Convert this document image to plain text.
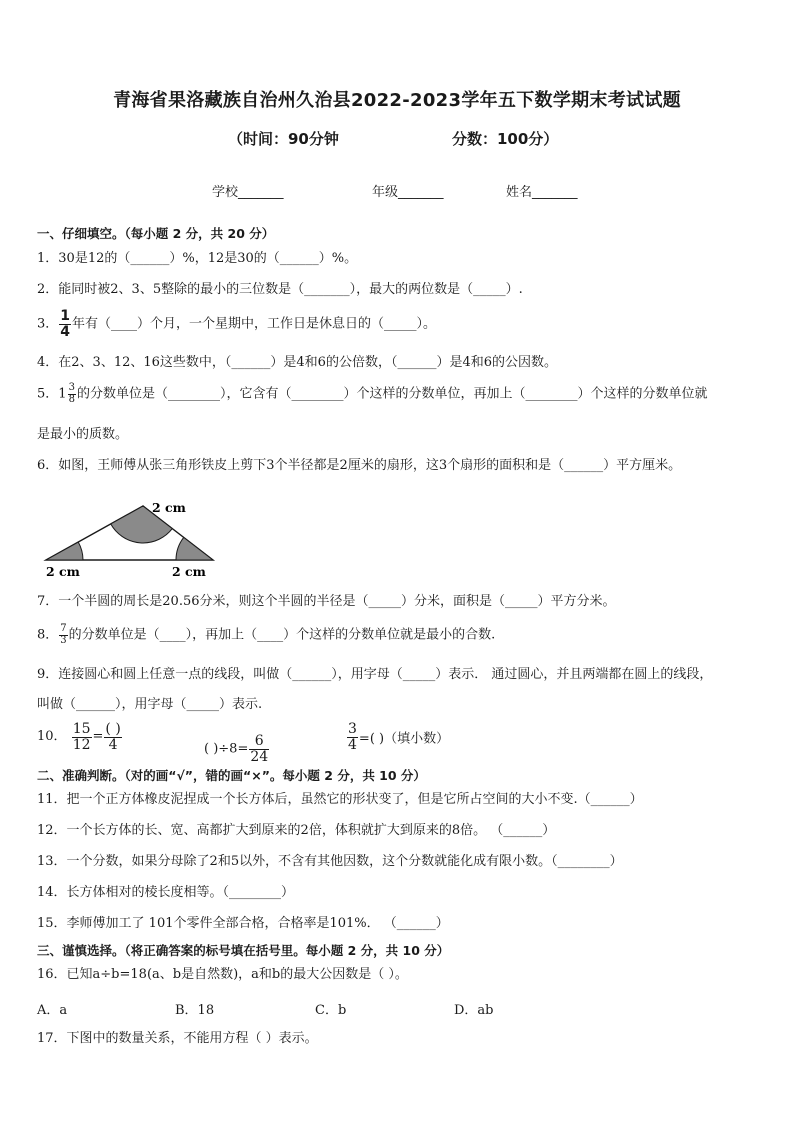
青海省果洛藏族自治州久治县2022-2023学年五下数学期末考试试题
（时间：90分钟	分数：100分）
学校_______	年级_______	姓名_______
一、仔细填空。（每小题 2 分，共 20 分）
1．30是12的（______）%，12是30的（______）%。
2．能同时被2、3、5整除的最小的三位数是（_______），最大的两位数是（_____）.
3． $\frac{1}{4}$ 年有（____）个月，一个星期中，工作日是休息日的（_____）。
4．在2、3、12、16这些数中，（______）是4和6的公倍数，（______）是4和6的公因数。
5．$1 \frac{3}{8}$ 的分数单位是（________），它含有（________）个这样的分数单位，再加上（________）个这样的分数单位就
是最小的质数。
6．如图，王师傅从张三角形铁皮上剪下3个半径都是2厘米的扇形，这3个扇形的面积和是（______）平方厘米。
2 cm
2 cm	2 cm
7．一个半圆的周长是20.56分米，则这个半圆的半径是（_____）分米，面积是（_____）平方分米。
8． $\frac{7}{3}$ 的分数单位是（____），再加上（____）个这样的分数单位就是最小的合数.
9．连接圆心和圆上任意一点的线段，叫做（______），用字母（_____）表示． 通过圆心，并且两端都在圆上的线段，
叫做（______），用字母（_____）表示.
10． $\frac{15}{12} = \frac{( )}{4}$	( )$\div 8= \frac{6}{24}$	$\frac{3}{4}$ =( )（填小数）
二、准确判断。（对的画“√”，错的画“×”。每小题 2 分，共 10 分）
11．把一个正方体橡皮泥捏成一个长方体后，虽然它的形状变了，但是它所占空间的大小不变.（______）
12．一个长方体的长、宽、高都扩大到原来的2倍，体积就扩大到原来的8倍。 （______）
13．一个分数，如果分母除了2和5以外，不含有其他因数，这个分数就能化成有限小数。（________）
14．长方体相对的棱长度相等。（________）
15．李师傅加工了 101个零件全部合格，合格率是101%． （______）
三、谨慎选择。（将正确答案的标号填在括号里。每小题 2 分，共 10 分）
16．已知a÷b=18(a、b是自然数)，a和b的最大公因数是（ ）。
A．a	B．18	C．b	D．ab
17．下图中的数量关系，不能用方程（ ）表示。
